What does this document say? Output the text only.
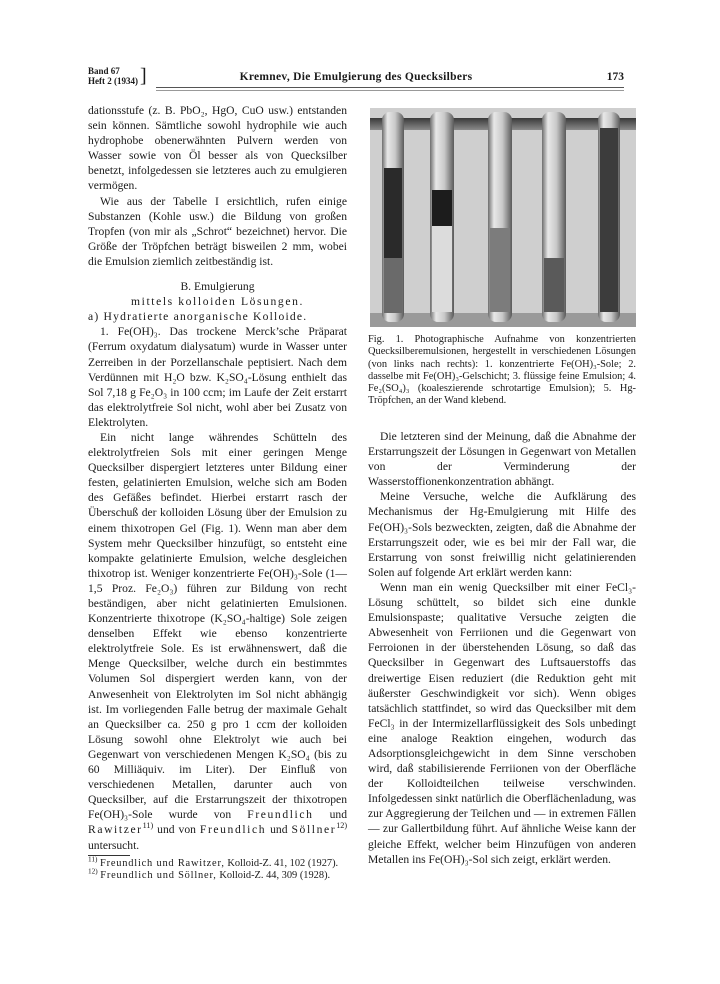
Band 67
Heft 2 (1934) ]	Kremnev, Die Emulgierung des Quecksilbers	173

dationsstufe (z. B. PbO₂, HgO, CuO usw.) entstanden sein können. Sämtliche sowohl hydrophile wie auch hydrophobe obenerwähnten Pulvern werden von Wasser sowie von Öl besser als von Quecksilber benetzt, infolgedessen sie letzteres auch zu emulgieren vermögen.

Wie aus der Tabelle I ersichtlich, rufen einige Substanzen (Kohle usw.) die Bildung von großen Tropfen (von mir als „Schrot“ bezeichnet) hervor. Die Größe der Tröpfchen beträgt bisweilen 2 mm, wobei die Emulsion ziemlich zeitbeständig ist.

B. Emulgierung
mittels kolloiden Lösungen.

a) Hydratierte anorganische Kolloide.

1. Fe(OH)₃. Das trockene Merck’sche Präparat (Ferrum oxydatum dialysatum) wurde in Wasser unter Zerreiben in der Porzellanschale peptisiert. Nach dem Verdünnen mit H₂O bzw. K₂SO₄-Lösung enthielt das Sol 7,18 g Fe₂O₃ in 100 ccm; im Laufe der Zeit erstarrt das elektrolytfreie Sol nicht, wohl aber bei Zusatz von Elektrolyten.

Ein nicht lange währendes Schütteln des elektrolytfreien Sols mit einer geringen Menge Quecksilber dispergiert letzteres unter Bildung einer festen, gelatinierten Emulsion, welche sich am Boden des Gefäßes befindet. Hierbei erstarrt rasch der Überschuß der kolloiden Lösung über der Emulsion zu einem thixotropen Gel (Fig. 1). Wenn man aber dem System mehr Quecksilber hinzufügt, so entsteht eine kompakte gelatinierte Emulsion, welche desgleichen thixotrop ist. Weniger konzentrierte Fe(OH)₃-Sole (1—1,5 Proz. Fe₂O₃) führen zur Bildung von recht beständigen, aber nicht gelatinierten Emulsionen. Konzentrierte thixotrope (K₂SO₄-haltige) Sole zeigen denselben Effekt wie ebenso konzentrierte elektrolytfreie Sole. Es ist erwähnenswert, daß die Menge Quecksilber, welche durch ein bestimmtes Volumen Sol dispergiert werden kann, von der Anwesenheit von Elektrolyten im Sol nicht abhängig ist. Im vorliegenden Falle betrug der maximale Gehalt an Quecksilber ca. 250 g pro 1 ccm der kolloiden Lösung sowohl ohne Elektrolyt wie auch bei Gegenwart von verschiedenen Mengen K₂SO₄ (bis zu 60 Milliäquiv. im Liter). Der Einfluß von verschiedenen Metallen, darunter auch von Quecksilber, auf die Erstarrungszeit der thixotropen Fe(OH)₃-Sole wurde von Freundlich und Rawitzer$^{11)}$ und von Freundlich und Söllner$^{12)}$ untersucht.

$^{11)}$ Freundlich und Rawitzer, Kolloid-Z. 41, 102 (1927).

$^{12)}$ Freundlich und Söllner, Kolloid-Z. 44, 309 (1928).

Fig. 1. Photographische Aufnahme von konzentrierten Quecksilberemulsionen, hergestellt in verschiedenen Lösungen (von links nach rechts): 1. konzentrierte Fe(OH)₃-Sole; 2. dasselbe mit Fe(OH)₃-Gelschicht; 3. flüssige feine Emulsion; 4. Fe₂(SO₄)₃ (koaleszierende schrotartige Emulsion); 5. Hg-Tröpfchen, an der Wand klebend.

Die letzteren sind der Meinung, daß die Abnahme der Erstarrungszeit der Lösungen in Gegenwart von Metallen von der Verminderung der Wasserstoffionenkonzentration abhängt.

Meine Versuche, welche die Aufklärung des Mechanismus der Hg-Emulgierung mit Hilfe des Fe(OH)₃-Sols bezweckten, zeigten, daß die Abnahme der Erstarrungszeit oder, wie es bei mir der Fall war, die Erstarrung von sonst freiwillig nicht gelatinierenden Solen auf folgende Art erklärt werden kann:

Wenn man ein wenig Quecksilber mit einer FeCl₃-Lösung schüttelt, so bildet sich eine dunkle Emulsionspaste; qualitative Versuche zeigten die Abwesenheit von Ferriionen und die Gegenwart von Ferroionen in der überstehenden Lösung, so daß das Quecksilber in Gegenwart des Luftsauerstoffs das dreiwertige Eisen reduziert (die Reduktion geht mit äußerster Geschwindigkeit vor sich). Wenn obiges tatsächlich stattfindet, so wird das Quecksilber mit dem FeCl₃ in der Intermizellarflüssigkeit des Sols unbedingt eine analoge Reaktion eingehen, wodurch das Adsorptionsgleichgewicht in dem Sinne verschoben wird, daß stabilisierende Ferriionen von der Oberfläche der Kolloidteilchen teilweise verschwinden. Infolgedessen sinkt natürlich die Oberflächenladung, was zur Aggregierung der Teilchen und — in extremen Fällen — zur Gallertbildung führt. Auf ähnliche Weise kann der gleiche Effekt, welcher beim Hinzufügen von anderen Metallen ins Fe(OH)₃-Sol sich zeigt, erklärt werden.
